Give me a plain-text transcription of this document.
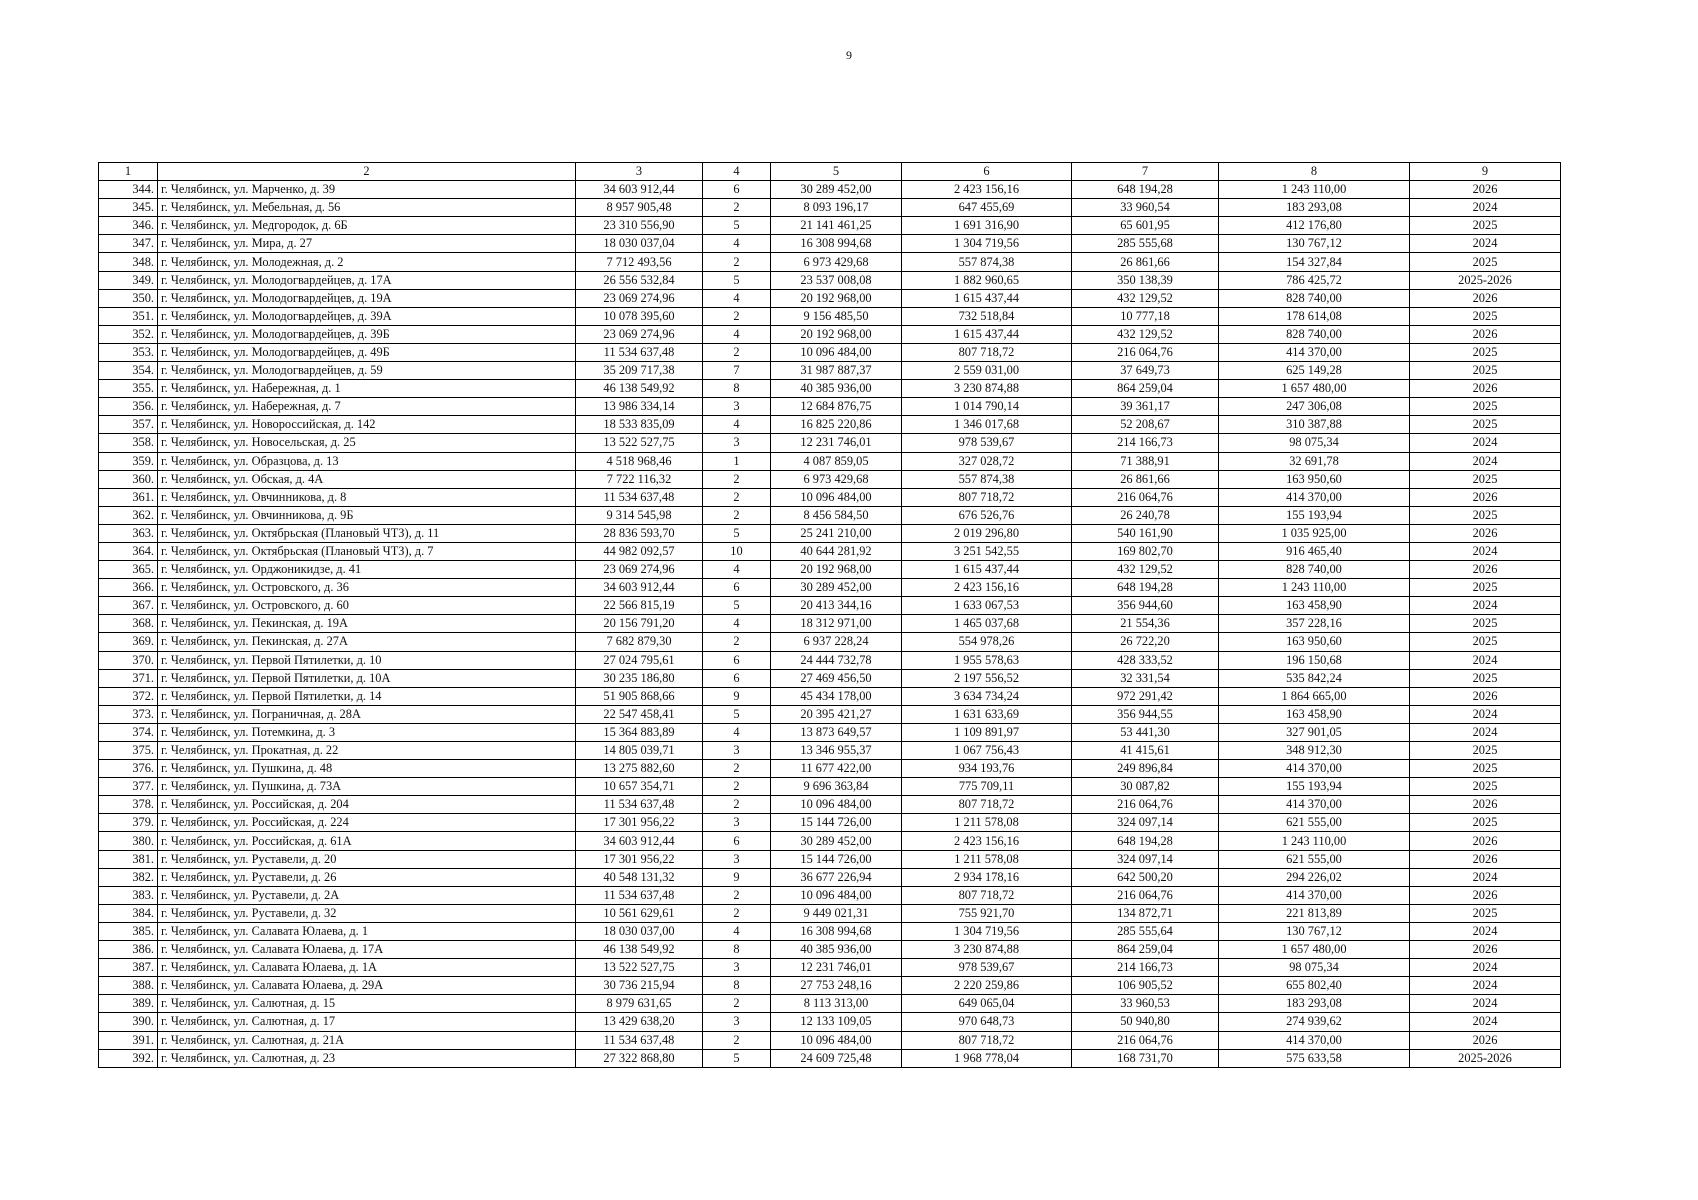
9
1	2	3	4	5	6	7	8	9
344.	г. Челябинск, ул. Марченко, д. 39	34 603 912,44	6	30 289 452,00	2 423 156,16	648 194,28	1 243 110,00	2026
345.	г. Челябинск, ул. Мебельная, д. 56	8 957 905,48	2	8 093 196,17	647 455,69	33 960,54	183 293,08	2024
346.	г. Челябинск, ул. Медгородок, д. 6Б	23 310 556,90	5	21 141 461,25	1 691 316,90	65 601,95	412 176,80	2025
347.	г. Челябинск, ул. Мира, д. 27	18 030 037,04	4	16 308 994,68	1 304 719,56	285 555,68	130 767,12	2024
348.	г. Челябинск, ул. Молодежная, д. 2	7 712 493,56	2	6 973 429,68	557 874,38	26 861,66	154 327,84	2025
349.	г. Челябинск, ул. Молодогвардейцев, д. 17А	26 556 532,84	5	23 537 008,08	1 882 960,65	350 138,39	786 425,72	2025-2026
350.	г. Челябинск, ул. Молодогвардейцев, д. 19А	23 069 274,96	4	20 192 968,00	1 615 437,44	432 129,52	828 740,00	2026
351.	г. Челябинск, ул. Молодогвардейцев, д. 39А	10 078 395,60	2	9 156 485,50	732 518,84	10 777,18	178 614,08	2025
352.	г. Челябинск, ул. Молодогвардейцев, д. 39Б	23 069 274,96	4	20 192 968,00	1 615 437,44	432 129,52	828 740,00	2026
353.	г. Челябинск, ул. Молодогвардейцев, д. 49Б	11 534 637,48	2	10 096 484,00	807 718,72	216 064,76	414 370,00	2025
354.	г. Челябинск, ул. Молодогвардейцев, д. 59	35 209 717,38	7	31 987 887,37	2 559 031,00	37 649,73	625 149,28	2025
355.	г. Челябинск, ул. Набережная, д. 1	46 138 549,92	8	40 385 936,00	3 230 874,88	864 259,04	1 657 480,00	2026
356.	г. Челябинск, ул. Набережная, д. 7	13 986 334,14	3	12 684 876,75	1 014 790,14	39 361,17	247 306,08	2025
357.	г. Челябинск, ул. Новороссийская, д. 142	18 533 835,09	4	16 825 220,86	1 346 017,68	52 208,67	310 387,88	2025
358.	г. Челябинск, ул. Новосельская, д. 25	13 522 527,75	3	12 231 746,01	978 539,67	214 166,73	98 075,34	2024
359.	г. Челябинск, ул. Образцова, д. 13	4 518 968,46	1	4 087 859,05	327 028,72	71 388,91	32 691,78	2024
360.	г. Челябинск, ул. Обская, д. 4А	7 722 116,32	2	6 973 429,68	557 874,38	26 861,66	163 950,60	2025
361.	г. Челябинск, ул. Овчинникова, д. 8	11 534 637,48	2	10 096 484,00	807 718,72	216 064,76	414 370,00	2026
362.	г. Челябинск, ул. Овчинникова, д. 9Б	9 314 545,98	2	8 456 584,50	676 526,76	26 240,78	155 193,94	2025
363.	г. Челябинск, ул. Октябрьская (Плановый ЧТЗ), д. 11	28 836 593,70	5	25 241 210,00	2 019 296,80	540 161,90	1 035 925,00	2026
364.	г. Челябинск, ул. Октябрьская (Плановый ЧТЗ), д. 7	44 982 092,57	10	40 644 281,92	3 251 542,55	169 802,70	916 465,40	2024
365.	г. Челябинск, ул. Орджоникидзе, д. 41	23 069 274,96	4	20 192 968,00	1 615 437,44	432 129,52	828 740,00	2026
366.	г. Челябинск, ул. Островского, д. 36	34 603 912,44	6	30 289 452,00	2 423 156,16	648 194,28	1 243 110,00	2025
367.	г. Челябинск, ул. Островского, д. 60	22 566 815,19	5	20 413 344,16	1 633 067,53	356 944,60	163 458,90	2024
368.	г. Челябинск, ул. Пекинская, д. 19А	20 156 791,20	4	18 312 971,00	1 465 037,68	21 554,36	357 228,16	2025
369.	г. Челябинск, ул. Пекинская, д. 27А	7 682 879,30	2	6 937 228,24	554 978,26	26 722,20	163 950,60	2025
370.	г. Челябинск, ул. Первой Пятилетки, д. 10	27 024 795,61	6	24 444 732,78	1 955 578,63	428 333,52	196 150,68	2024
371.	г. Челябинск, ул. Первой Пятилетки, д. 10А	30 235 186,80	6	27 469 456,50	2 197 556,52	32 331,54	535 842,24	2025
372.	г. Челябинск, ул. Первой Пятилетки, д. 14	51 905 868,66	9	45 434 178,00	3 634 734,24	972 291,42	1 864 665,00	2026
373.	г. Челябинск, ул. Пограничная, д. 28А	22 547 458,41	5	20 395 421,27	1 631 633,69	356 944,55	163 458,90	2024
374.	г. Челябинск, ул. Потемкина, д. 3	15 364 883,89	4	13 873 649,57	1 109 891,97	53 441,30	327 901,05	2024
375.	г. Челябинск, ул. Прокатная, д. 22	14 805 039,71	3	13 346 955,37	1 067 756,43	41 415,61	348 912,30	2025
376.	г. Челябинск, ул. Пушкина, д. 48	13 275 882,60	2	11 677 422,00	934 193,76	249 896,84	414 370,00	2025
377.	г. Челябинск, ул. Пушкина, д. 73А	10 657 354,71	2	9 696 363,84	775 709,11	30 087,82	155 193,94	2025
378.	г. Челябинск, ул. Российская, д. 204	11 534 637,48	2	10 096 484,00	807 718,72	216 064,76	414 370,00	2026
379.	г. Челябинск, ул. Российская, д. 224	17 301 956,22	3	15 144 726,00	1 211 578,08	324 097,14	621 555,00	2025
380.	г. Челябинск, ул. Российская, д. 61А	34 603 912,44	6	30 289 452,00	2 423 156,16	648 194,28	1 243 110,00	2026
381.	г. Челябинск, ул. Руставели, д. 20	17 301 956,22	3	15 144 726,00	1 211 578,08	324 097,14	621 555,00	2026
382.	г. Челябинск, ул. Руставели, д. 26	40 548 131,32	9	36 677 226,94	2 934 178,16	642 500,20	294 226,02	2024
383.	г. Челябинск, ул. Руставели, д. 2А	11 534 637,48	2	10 096 484,00	807 718,72	216 064,76	414 370,00	2026
384.	г. Челябинск, ул. Руставели, д. 32	10 561 629,61	2	9 449 021,31	755 921,70	134 872,71	221 813,89	2025
385.	г. Челябинск, ул. Салавата Юлаева, д. 1	18 030 037,00	4	16 308 994,68	1 304 719,56	285 555,64	130 767,12	2024
386.	г. Челябинск, ул. Салавата Юлаева, д. 17А	46 138 549,92	8	40 385 936,00	3 230 874,88	864 259,04	1 657 480,00	2026
387.	г. Челябинск, ул. Салавата Юлаева, д. 1А	13 522 527,75	3	12 231 746,01	978 539,67	214 166,73	98 075,34	2024
388.	г. Челябинск, ул. Салавата Юлаева, д. 29А	30 736 215,94	8	27 753 248,16	2 220 259,86	106 905,52	655 802,40	2024
389.	г. Челябинск, ул. Салютная, д. 15	8 979 631,65	2	8 113 313,00	649 065,04	33 960,53	183 293,08	2024
390.	г. Челябинск, ул. Салютная, д. 17	13 429 638,20	3	12 133 109,05	970 648,73	50 940,80	274 939,62	2024
391.	г. Челябинск, ул. Салютная, д. 21А	11 534 637,48	2	10 096 484,00	807 718,72	216 064,76	414 370,00	2026
392.	г. Челябинск, ул. Салютная, д. 23	27 322 868,80	5	24 609 725,48	1 968 778,04	168 731,70	575 633,58	2025-2026
